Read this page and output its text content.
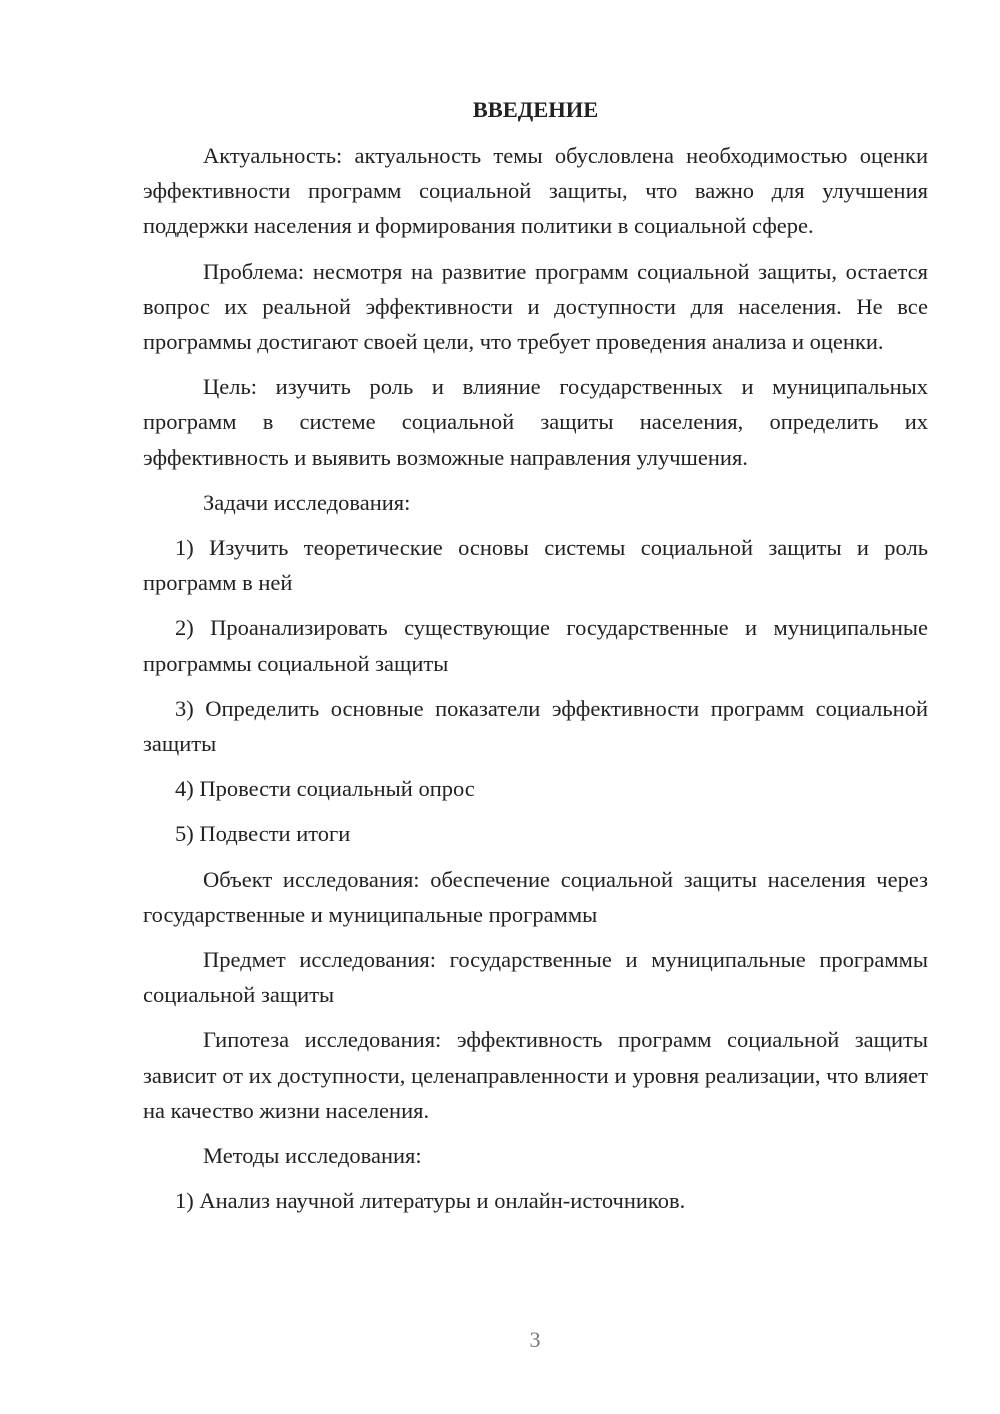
ВВЕДЕНИЕ
Актуальность: актуальность темы обусловлена необходимостью оценки эффективности программ социальной защиты, что важно для улучшения поддержки населения и формирования политики в социальной сфере.
Проблема: несмотря на развитие программ социальной защиты, остается вопрос их реальной эффективности и доступности для населения. Не все программы достигают своей цели, что требует проведения анализа и оценки.
Цель: изучить роль и влияние государственных и муниципальных программ в системе социальной защиты населения, определить их эффективность и выявить возможные направления улучшения.
Задачи исследования:
1) Изучить теоретические основы системы социальной защиты и роль программ в ней
2) Проанализировать существующие государственные и муниципальные программы социальной защиты
3) Определить основные показатели эффективности программ социальной защиты
4) Провести социальный опрос
5) Подвести итоги
Объект исследования: обеспечение социальной защиты населения через государственные и муниципальные программы
Предмет исследования: государственные и муниципальные программы социальной защиты
Гипотеза исследования: эффективность программ социальной защиты зависит от их доступности, целенаправленности и уровня реализации, что влияет на качество жизни населения.
Методы исследования:
1) Анализ научной литературы и онлайн-источников.
3
